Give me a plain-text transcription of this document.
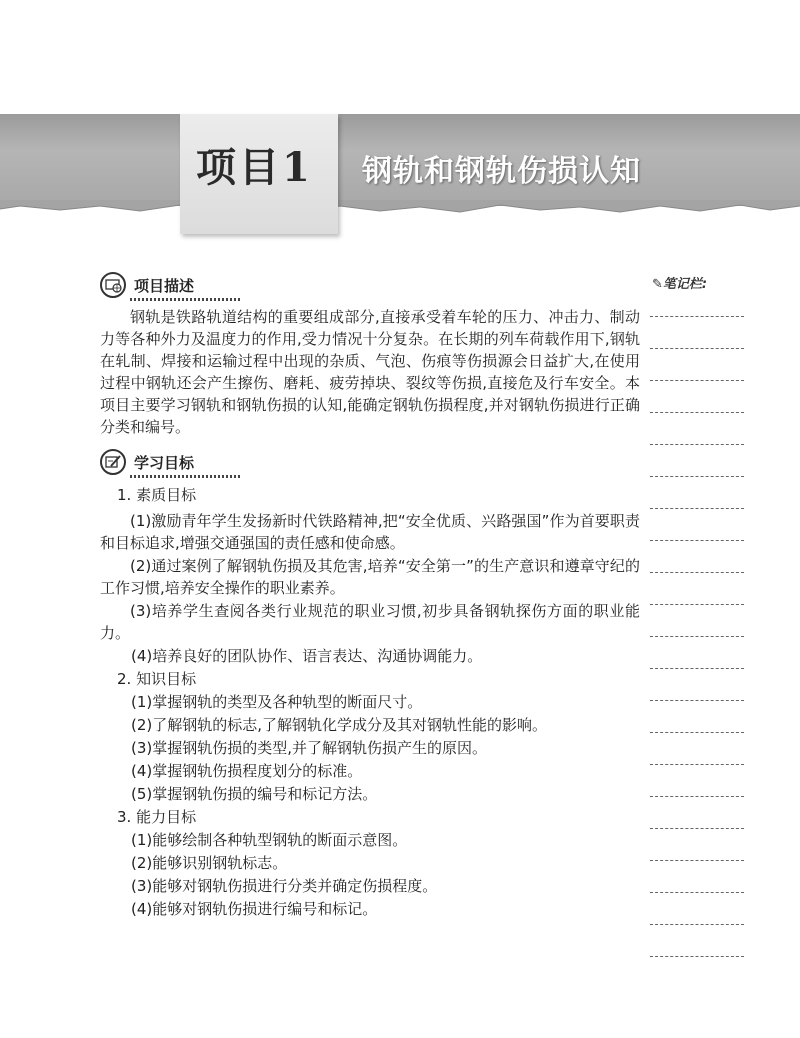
项目1 钢轨和钢轨伤损认知
✎笔记栏:
项目描述
钢轨是铁路轨道结构的重要组成部分,直接承受着车轮的压力、冲击力、制动力等各种外力及温度力的作用,受力情况十分复杂。在长期的列车荷载作用下,钢轨在轧制、焊接和运输过程中出现的杂质、气泡、伤痕等伤损源会日益扩大,在使用过程中钢轨还会产生擦伤、磨耗、疲劳掉块、裂纹等伤损,直接危及行车安全。本项目主要学习钢轨和钢轨伤损的认知,能确定钢轨伤损程度,并对钢轨伤损进行正确分类和编号。
学习目标
1. 素质目标
(1)激励青年学生发扬新时代铁路精神,把“安全优质、兴路强国”作为首要职责和目标追求,增强交通强国的责任感和使命感。
(2)通过案例了解钢轨伤损及其危害,培养“安全第一”的生产意识和遵章守纪的工作习惯,培养安全操作的职业素养。
(3)培养学生查阅各类行业规范的职业习惯,初步具备钢轨探伤方面的职业能力。
(4)培养良好的团队协作、语言表达、沟通协调能力。
2. 知识目标
(1)掌握钢轨的类型及各种轨型的断面尺寸。
(2)了解钢轨的标志,了解钢轨化学成分及其对钢轨性能的影响。
(3)掌握钢轨伤损的类型,并了解钢轨伤损产生的原因。
(4)掌握钢轨伤损程度划分的标准。
(5)掌握钢轨伤损的编号和标记方法。
3. 能力目标
(1)能够绘制各种轨型钢轨的断面示意图。
(2)能够识别钢轨标志。
(3)能够对钢轨伤损进行分类并确定伤损程度。
(4)能够对钢轨伤损进行编号和标记。
